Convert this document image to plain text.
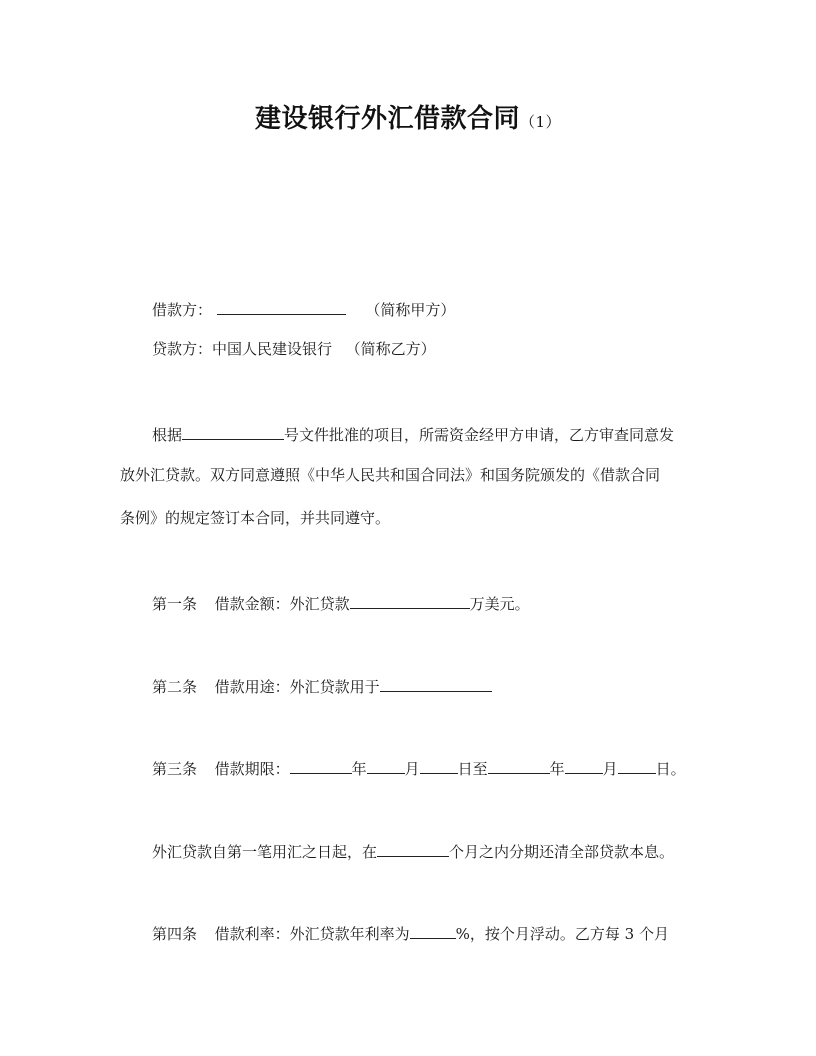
建设银行外汇借款合同（1）
借款方：	（简称甲方）
贷款方：中国人民建设银行 （简称乙方）
根据	号文件批准的项目，所需资金经甲方申请，乙方审查同意发
放外汇贷款。双方同意遵照《中华人民共和国合同法》和国务院颁发的《借款合同
条例》的规定签订本合同，并共同遵守。
第一条 借款金额：外汇贷款	万美元。
第二条 借款用途：外汇贷款用于
第三条 借款期限：	年	月	日至	年	月	日。
外汇贷款自第一笔用汇之日起，在	个月之内分期还清全部贷款本息。
第四条 借款利率：外汇贷款年利率为	%，按个月浮动。乙方每 3 个月
